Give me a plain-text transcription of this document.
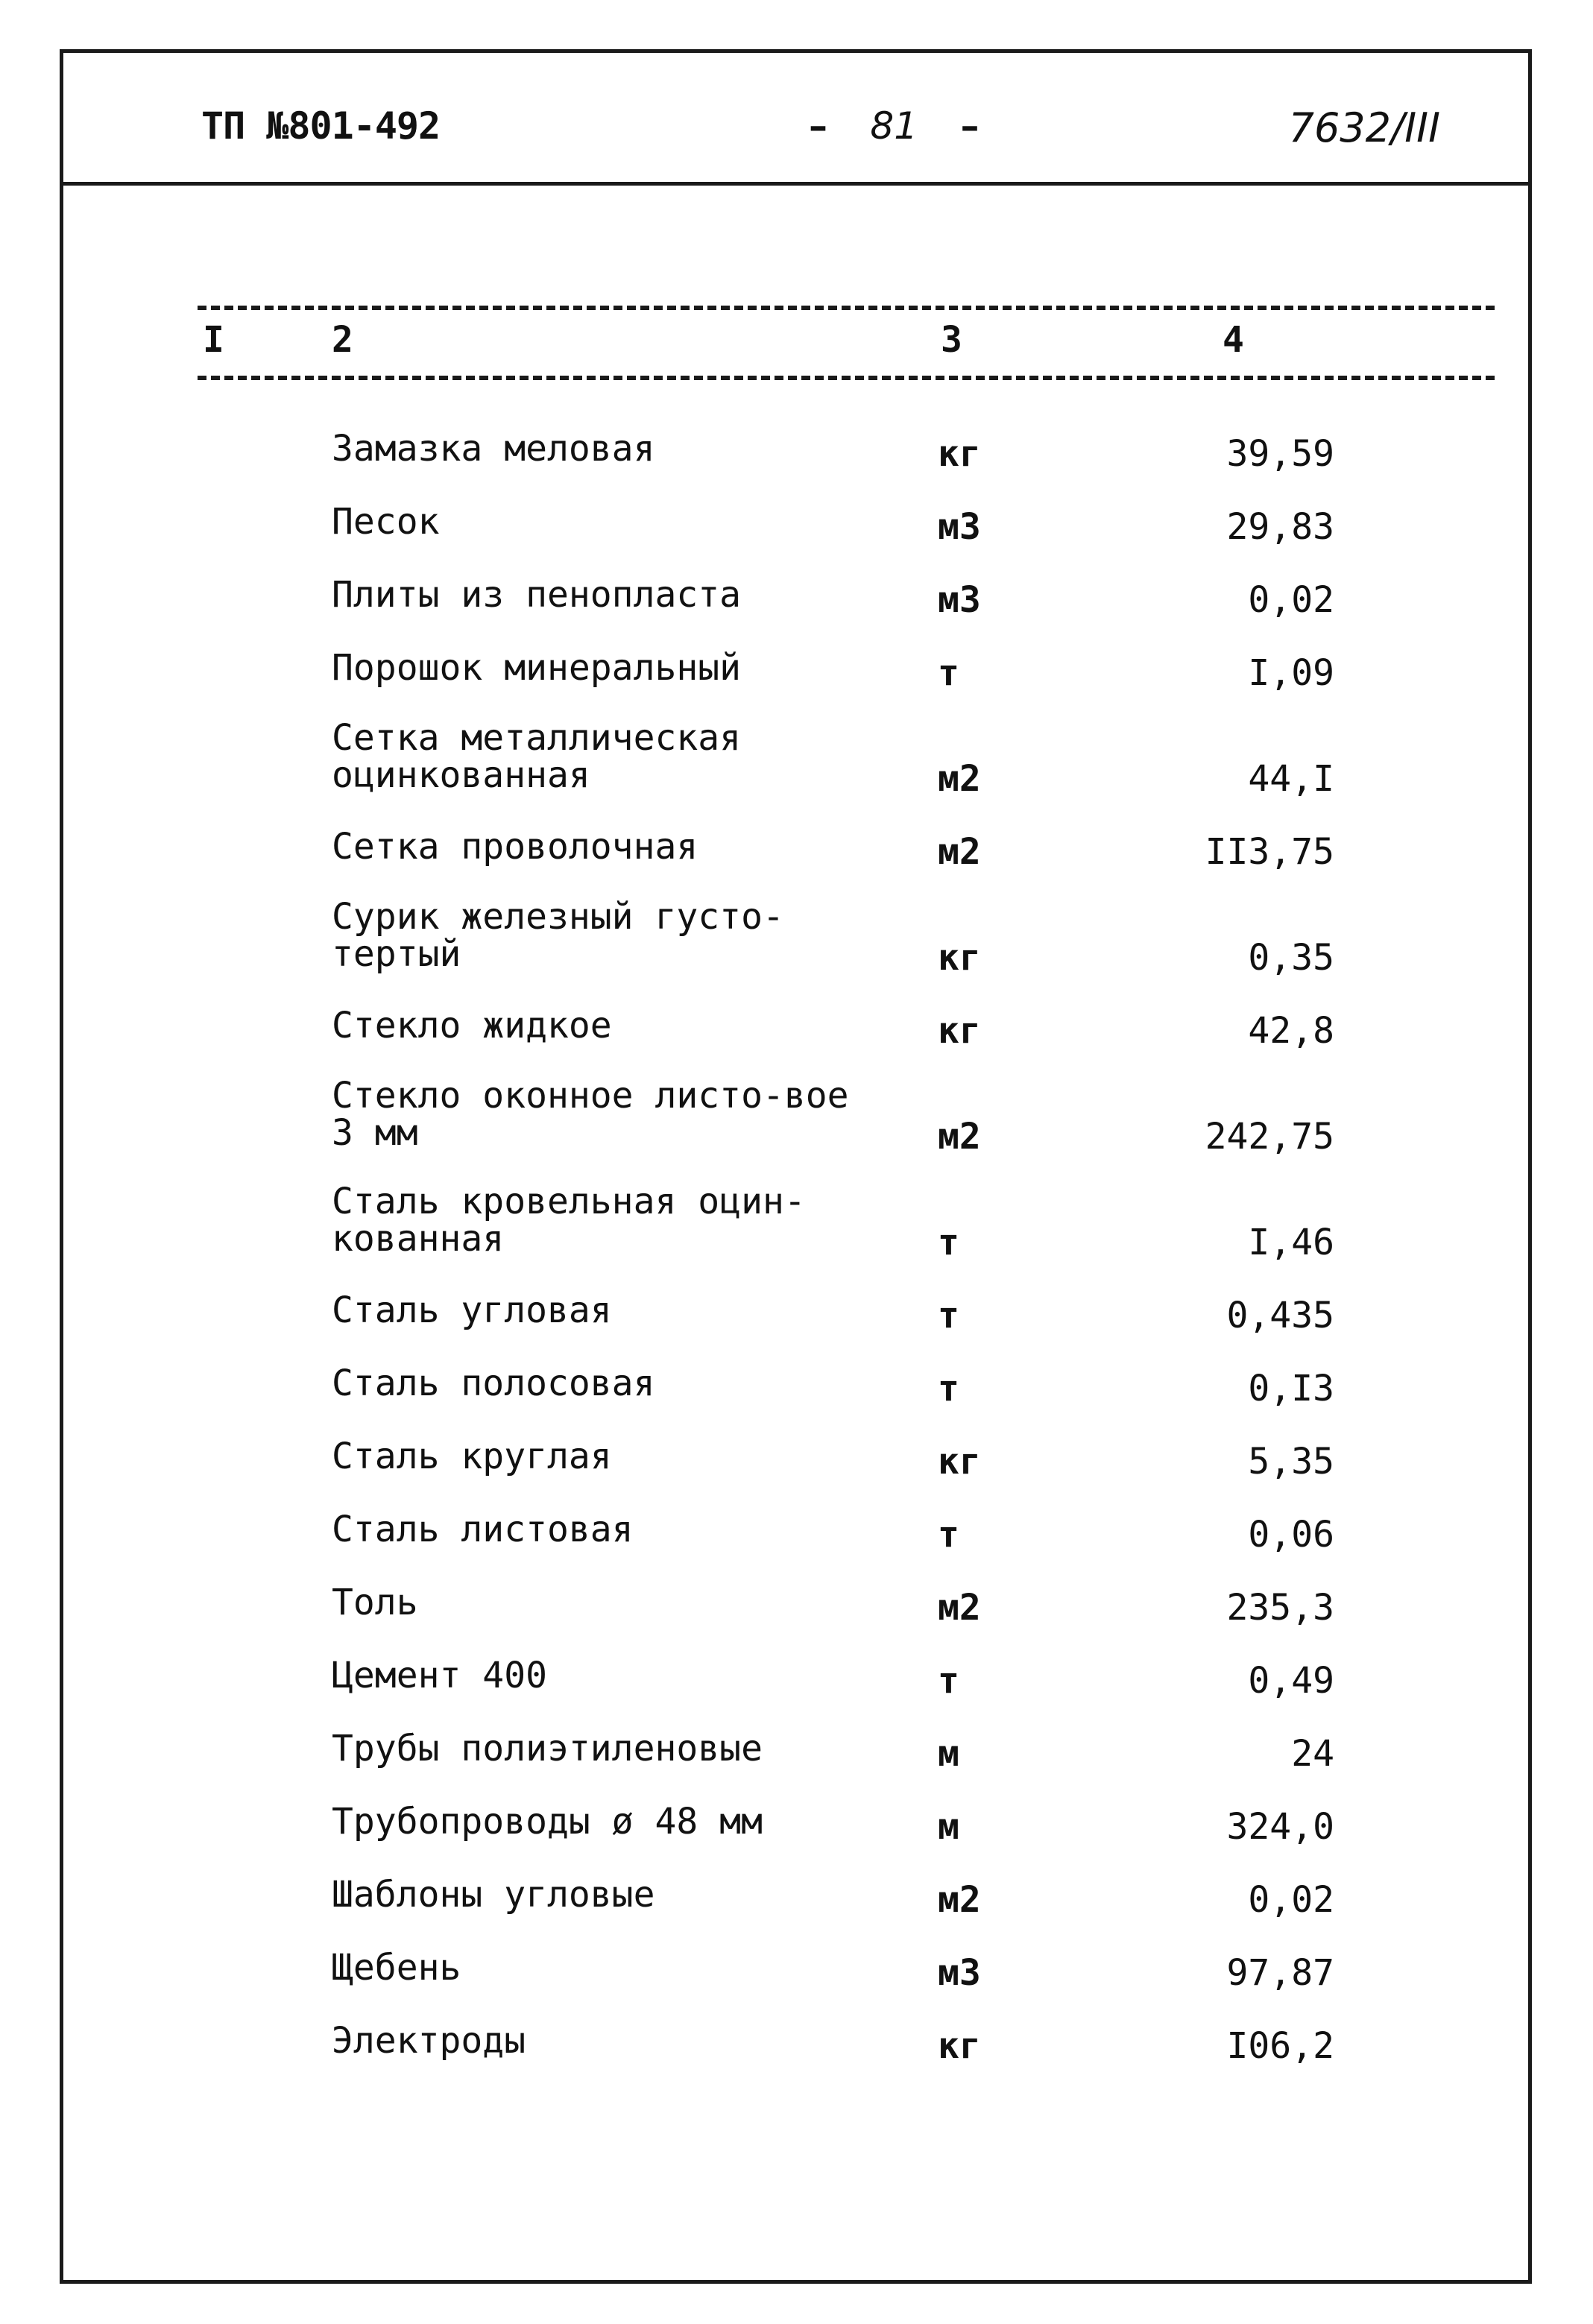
ТП №801-492
–	81 –	7632/III
I	2	3	4
Замазка меловая	кг	39,59
Песок	м3	29,83
Плиты из пенопласта	м3	0,02
Порошок минеральный	т	I,09
Сетка металлическая оцинкованная	м2	44,I
Сетка проволочная	м2	II3,75
Сурик железный густо-тертый	кг	0,35
Стекло жидкое	кг	42,8
Стекло оконное листо-вое 3 мм	м2	242,75
Сталь кровельная оцин-кованная	т	I,46
Сталь угловая	т	0,435
Сталь полосовая	т	0,I3
Сталь круглая	кг	5,35
Сталь листовая	т	0,06
Толь	м2	235,3
Цемент 400	т	0,49
Трубы полиэтиленовые	м	24
Трубопроводы ø 48 мм	м	324,0
Шаблоны угловые	м2	0,02
Щебень	м3	97,87
Электроды	кг	I06,2
